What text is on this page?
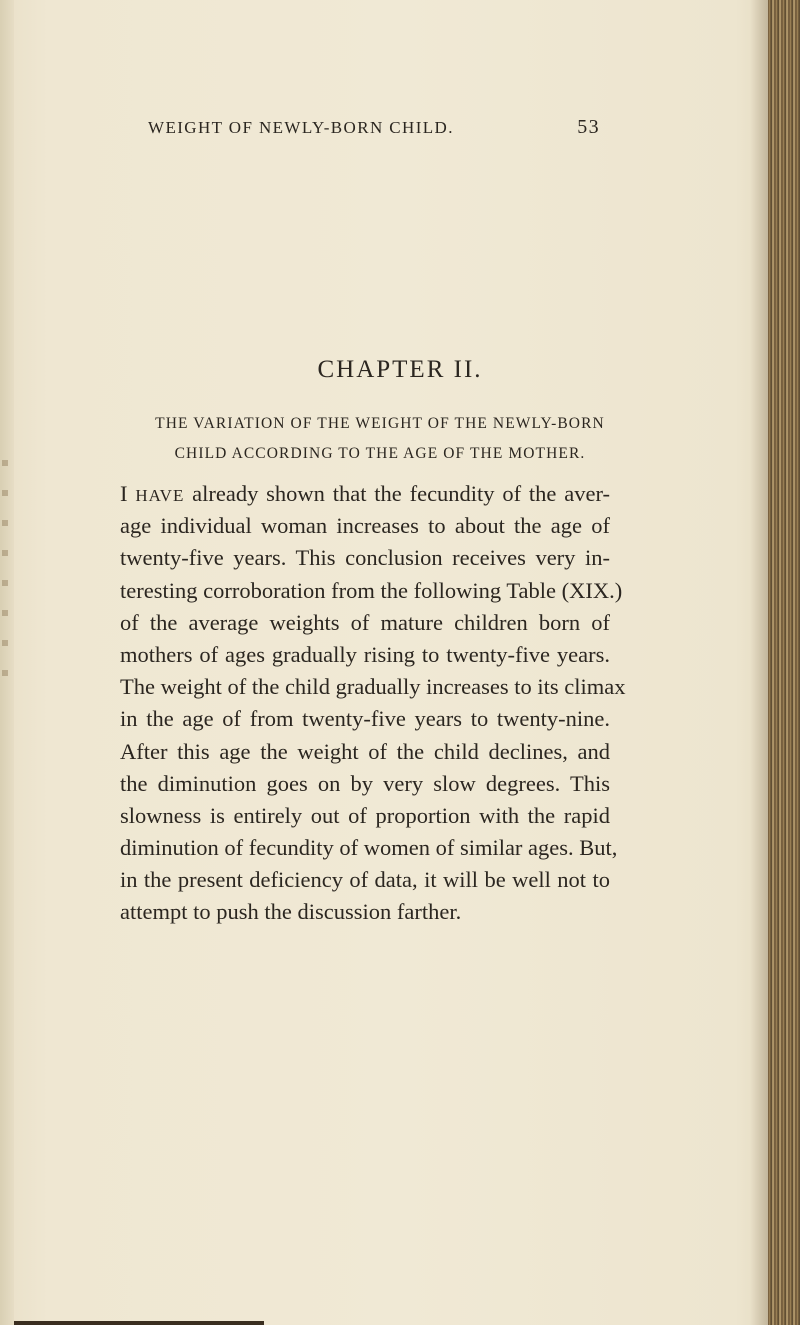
WEIGHT OF NEWLY-BORN CHILD.	53
CHAPTER II.
THE VARIATION OF THE WEIGHT OF THE NEWLY-BORN
CHILD ACCORDING TO THE AGE OF THE MOTHER.
I HAVE already shown that the fecundity of the aver-
age individual woman increases to about the age of
twenty-five years. This conclusion receives very in-
teresting corroboration from the following Table (XIX.)
of the average weights of mature children born of
mothers of ages gradually rising to twenty-five years.
The weight of the child gradually increases to its climax
in the age of from twenty-five years to twenty-nine.
After this age the weight of the child declines, and
the diminution goes on by very slow degrees. This
slowness is entirely out of proportion with the rapid
diminution of fecundity of women of similar ages. But,
in the present deficiency of data, it will be well not to
attempt to push the discussion farther.
